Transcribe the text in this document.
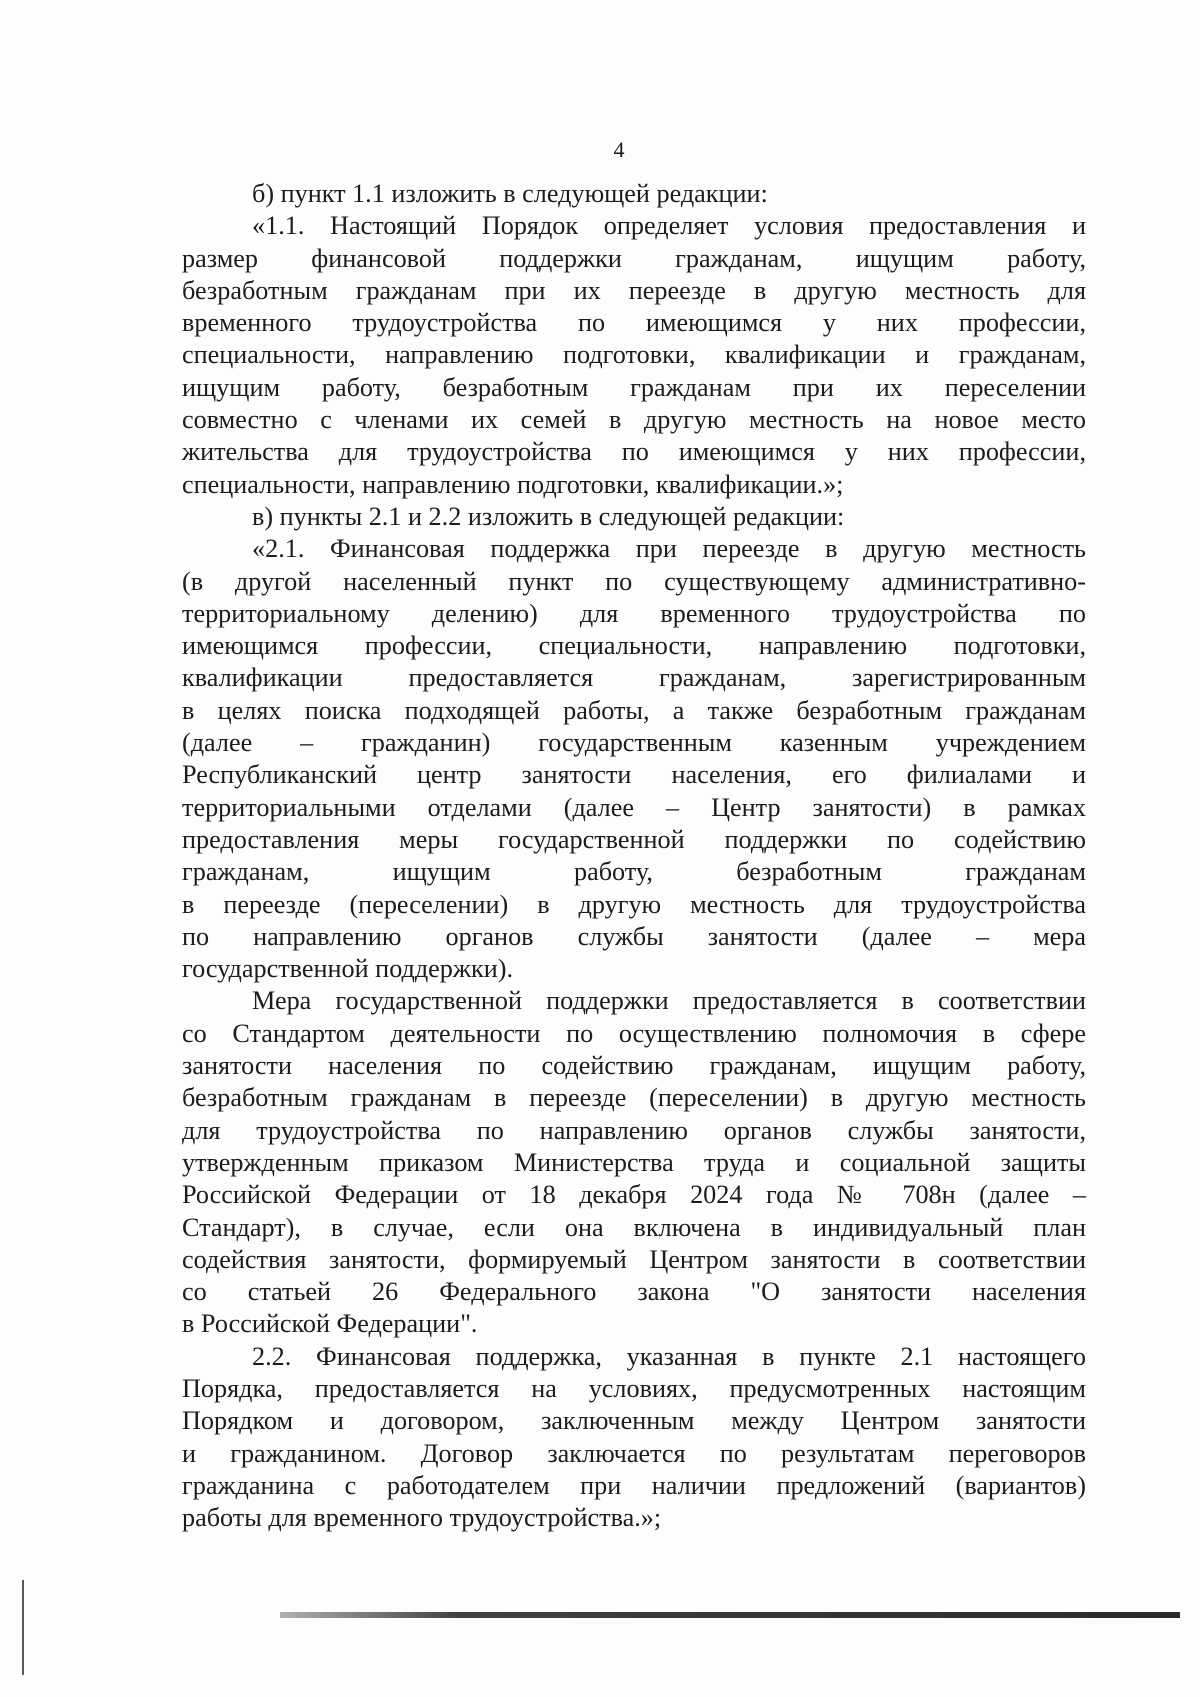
4

б) пункт 1.1 изложить в следующей редакции:

«1.1. Настоящий Порядок определяет условия предоставления и

размер финансовой поддержки гражданам, ищущим работу,

безработным гражданам при их переезде в другую местность для

временного трудоустройства по имеющимся у них профессии,

специальности, направлению подготовки, квалификации и гражданам,

ищущим работу, безработным гражданам при их переселении

совместно с членами их семей в другую местность на новое место

жительства для трудоустройства по имеющимся у них профессии,

специальности, направлению подготовки, квалификации.»;

в) пункты 2.1 и 2.2 изложить в следующей редакции:

«2.1. Финансовая поддержка при переезде в другую местность

(в другой населенный пункт по существующему административно-

территориальному делению) для временного трудоустройства по

имеющимся профессии, специальности, направлению подготовки,

квалификации предоставляется гражданам, зарегистрированным

в целях поиска подходящей работы, а также безработным гражданам

(далее – гражданин) государственным казенным учреждением

Республиканский центр занятости населения, его филиалами и

территориальными отделами (далее – Центр занятости) в рамках

предоставления меры государственной поддержки по содействию

гражданам, ищущим работу, безработным гражданам

в переезде (переселении) в другую местность для трудоустройства

по направлению органов службы занятости (далее – мера

государственной поддержки).

Мера государственной поддержки предоставляется в соответствии

со Стандартом деятельности по осуществлению полномочия в сфере

занятости населения по содействию гражданам, ищущим работу,

безработным гражданам в переезде (переселении) в другую местность

для трудоустройства по направлению органов службы занятости,

утвержденным приказом Министерства труда и социальной защиты

Российской Федерации от 18 декабря 2024 года № 708н (далее –

Стандарт), в случае, если она включена в индивидуальный план

содействия занятости, формируемый Центром занятости в соответствии

со статьей 26 Федерального закона "О занятости населения

в Российской Федерации".

2.2. Финансовая поддержка, указанная в пункте 2.1 настоящего

Порядка, предоставляется на условиях, предусмотренных настоящим

Порядком и договором, заключенным между Центром занятости

и гражданином. Договор заключается по результатам переговоров

гражданина с работодателем при наличии предложений (вариантов)

работы для временного трудоустройства.»;
